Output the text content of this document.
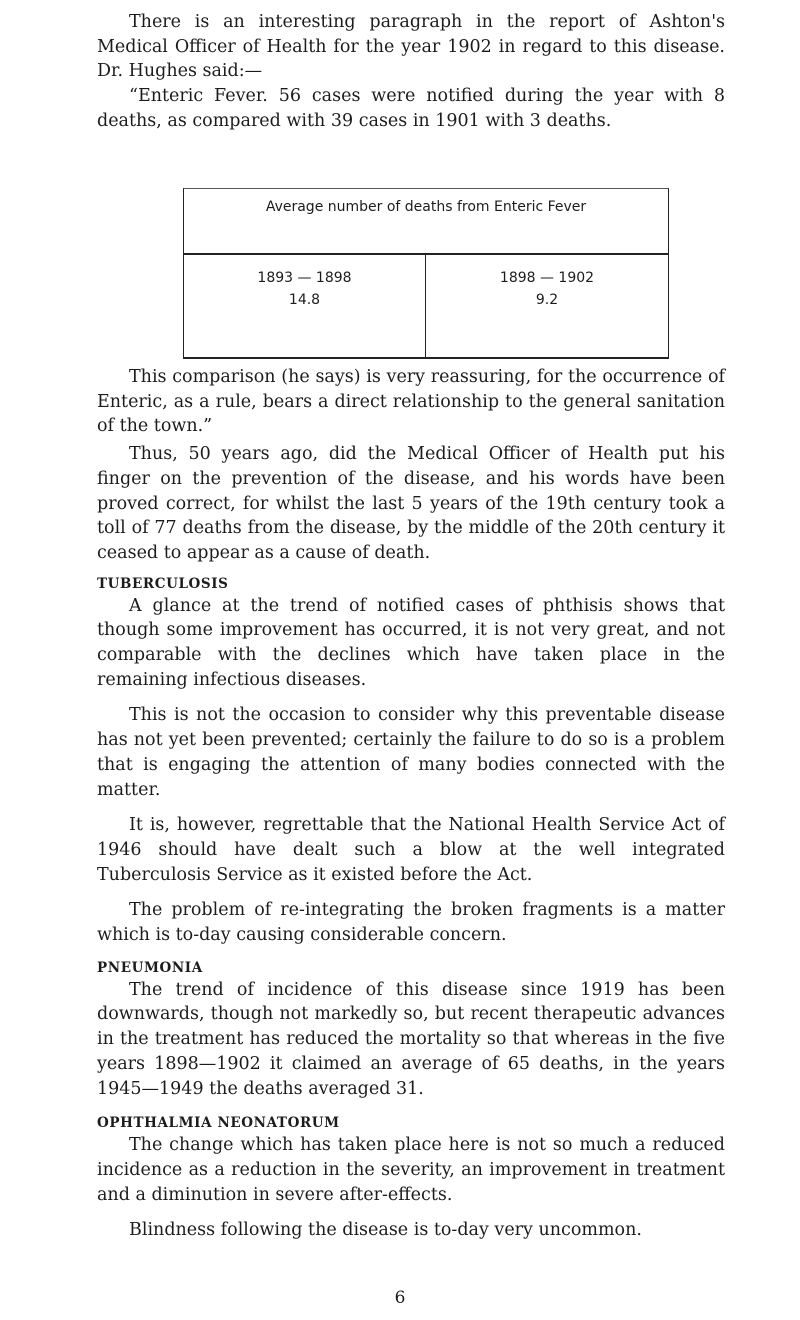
There is an interesting paragraph in the report of Ashton's Medical Officer of Health for the year 1902 in regard to this disease. Dr. Hughes said:—

“Enteric Fever. 56 cases were notified during the year with 8 deaths, as compared with 39 cases in 1901 with 3 deaths.

Average number of deaths from Enteric Fever
1893 — 1898
14.8
1898 — 1902
9.2

This comparison (he says) is very reassuring, for the occurrence of Enteric, as a rule, bears a direct relationship to the general sanitation of the town.”

Thus, 50 years ago, did the Medical Officer of Health put his finger on the prevention of the disease, and his words have been proved correct, for whilst the last 5 years of the 19th century took a toll of 77 deaths from the disease, by the middle of the 20th century it ceased to appear as a cause of death.

TUBERCULOSIS

A glance at the trend of notified cases of phthisis shows that though some improvement has occurred, it is not very great, and not comparable with the declines which have taken place in the remaining infectious diseases.

This is not the occasion to consider why this preventable disease has not yet been prevented; certainly the failure to do so is a problem that is engaging the attention of many bodies connected with the matter.

It is, however, regrettable that the National Health Service Act of 1946 should have dealt such a blow at the well integrated Tuberculosis Service as it existed before the Act.

The problem of re-integrating the broken fragments is a matter which is to-day causing considerable concern.

PNEUMONIA

The trend of incidence of this disease since 1919 has been downwards, though not markedly so, but recent therapeutic advances in the treatment has reduced the mortality so that whereas in the five years 1898—1902 it claimed an average of 65 deaths, in the years 1945—1949 the deaths averaged 31.

OPHTHALMIA NEONATORUM

The change which has taken place here is not so much a reduced incidence as a reduction in the severity, an improvement in treatment and a diminution in severe after-effects.

Blindness following the disease is to-day very uncommon.

6
